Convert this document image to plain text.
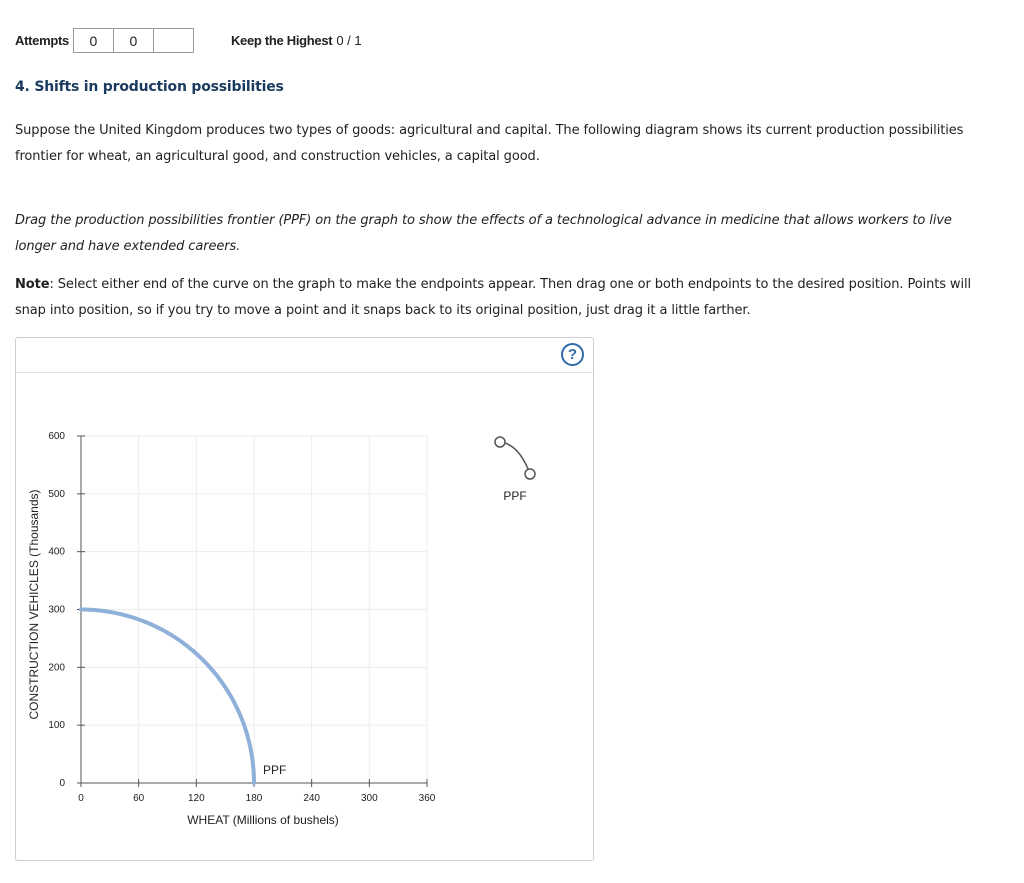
Attempts	0	0	Keep the Highest 0 / 1
4. Shifts in production possibilities

Suppose the United Kingdom produces two types of goods: agricultural and capital. The following diagram shows its current production possibilities frontier for wheat, an agricultural good, and construction vehicles, a capital good.

Drag the production possibilities frontier (PPF) on the graph to show the effects of a technological advance in medicine that allows workers to live longer and have extended careers.

Note: Select either end of the curve on the graph to make the endpoints appear. Then drag one or both endpoints to the desired position. Points will snap into position, so if you try to move a point and it snaps back to its original position, just drag it a little farther.

?
0
100
200
300
400
500
600
0	60	120	180	240	300	360
WHEAT (Millions of bushels)
CONSTRUCTION VEHICLES (Thousands)
PPF
PPF
